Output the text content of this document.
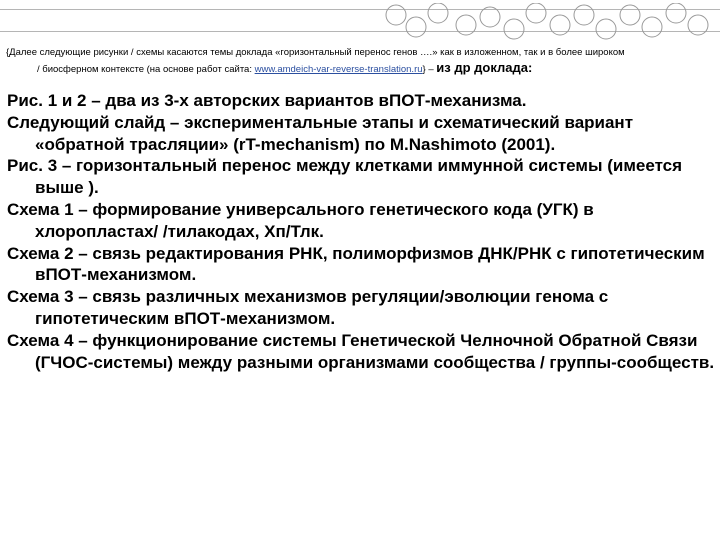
{Далее следующие рисунки / схемы касаются темы доклада «горизонтальный перенос генов ….» как в изложенном, так и в более широком

/ биосферном контексте (на основе работ сайта: www.amdeich-var-reverse-translation.ru} – из др доклада:

Рис. 1 и 2 – два из 3-х авторских вариантов вПОТ-механизма.
Следующий слайд – экспериментальные этапы и схематический вариант «обратной трасляции» (rT-mechanism) по M.Nashimoto (2001).
Рис. 3 – горизонтальный перенос между клетками иммунной системы (имеется выше ).
Схема 1 – формирование универсального генетического кода (УГК) в хлоропластах/ /тилакодах, Хп/Тлк.
Схема 2 – связь редактирования РНК, полиморфизмов ДНК/РНК с гипотетическим вПОТ-механизмом.
Схема 3 – связь различных механизмов регуляции/эволюции генома с гипотетическим вПОТ-механизмом.
Схема 4 – функционирование системы Генетической Челночной Обратной Связи (ГЧОС-системы) между разными организмами сообщества / группы-сообществ.
